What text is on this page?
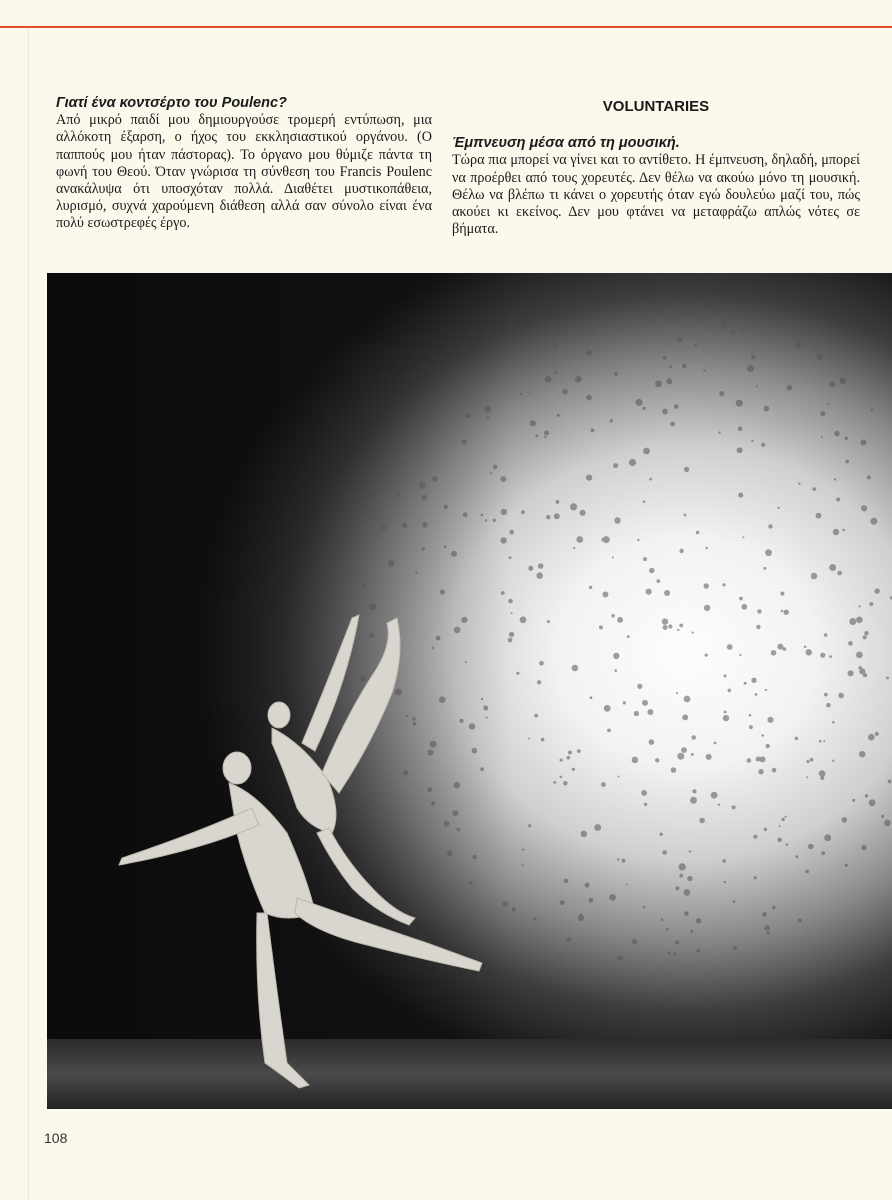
Γιατί ένα κοντσέρτο του Poulenc?

Από μικρό παιδί μου δημιουργούσε τρομερή εντύπωση, μια αλλόκοτη έξαρση, ο ήχος του εκκλησιαστικού οργάνου. (Ο παππούς μου ήταν πάστορας). Το όργανο μου θύμιζε πάντα τη φωνή του Θεού. Όταν γνώρισα τη σύνθεση του Francis Poulenc ανακάλυψα ότι υποσχόταν πολλά. Διαθέτει μυστικοπάθεια, λυρισμό, συχνά χαρούμενη διάθεση αλλά σαν σύνολο είναι ένα πολύ εσωστρεφές έργο.

VOLUNTARIES

Έμπνευση μέσα από τη μουσική.

Τώρα πια μπορεί να γίνει και το αντίθετο. Η έμπνευση, δηλαδή, μπορεί να προέρθει από τους χορευτές. Δεν θέλω να ακούω μόνο τη μουσική. Θέλω να βλέπω τι κάνει ο χορευτής όταν εγώ δουλεύω μαζί του, πώς ακούει κι εκείνος. Δεν μου φτάνει να μεταφράζω απλώς νότες σε βήματα.

108
